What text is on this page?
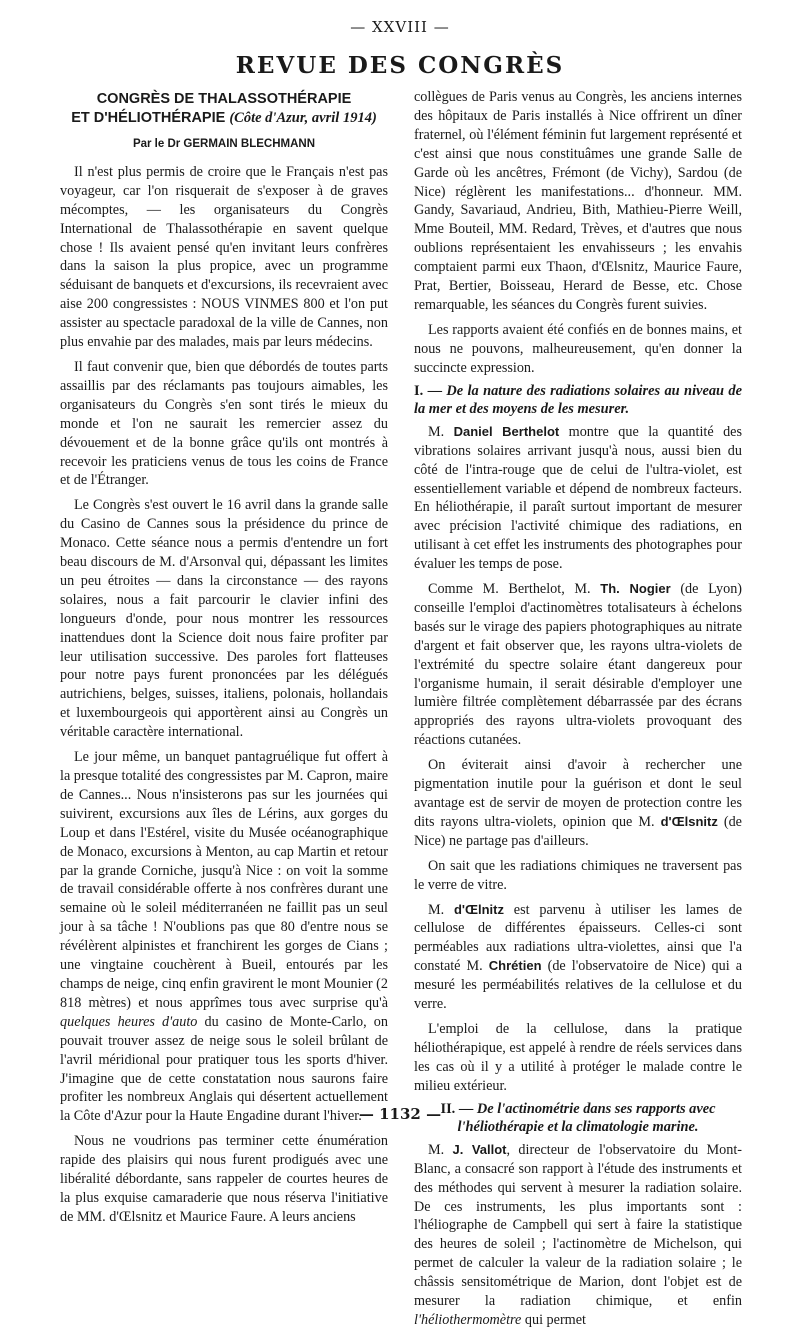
— XXVIII —
REVUE DES CONGRÈS
CONGRÈS DE THALASSOTHÉRAPIE
ET D'HÉLIOTHÉRAPIE (Côte d'Azur, avril 1914)
Par le Dr GERMAIN BLECHMANN

Il n'est plus permis de croire que le Français n'est pas voyageur, car l'on risquerait de s'exposer à de graves mécomptes, — les organisateurs du Congrès International de Thalassothérapie en savent quelque chose ! Ils avaient pensé qu'en invitant leurs confrères dans la saison la plus propice, avec un programme séduisant de banquets et d'excursions, ils recevraient avec aise 200 congressistes : NOUS VINMES 800 et l'on put assister au spectacle paradoxal de la ville de Cannes, non plus envahie par des malades, mais par leurs médecins.

Il faut convenir que, bien que débordés de toutes parts assaillis par des réclamants pas toujours aimables, les organisateurs du Congrès s'en sont tirés le mieux du monde et l'on ne saurait les remercier assez du dévouement et de la bonne grâce qu'ils ont montrés à recevoir les praticiens venus de tous les coins de France et de l'Étranger.

Le Congrès s'est ouvert le 16 avril dans la grande salle du Casino de Cannes sous la présidence du prince de Monaco. Cette séance nous a permis d'entendre un fort beau discours de M. d'Arsonval qui, dépassant les limites un peu étroites — dans la circonstance — des rayons solaires, nous a fait parcourir le clavier infini des longueurs d'onde, pour nous montrer les ressources inattendues dont la Science doit nous faire profiter par leur utilisation successive. Des paroles fort flatteuses pour notre pays furent prononcées par les délégués autrichiens, belges, suisses, italiens, polonais, hollandais et luxembourgeois qui apportèrent ainsi au Congrès un véritable caractère international.

Le jour même, un banquet pantagruélique fut offert à la presque totalité des congressistes par M. Capron, maire de Cannes... Nous n'insisterons pas sur les journées qui suivirent, excursions aux îles de Lérins, aux gorges du Loup et dans l'Estérel, visite du Musée océanographique de Monaco, excursions à Menton, au cap Martin et retour par la grande Corniche, jusqu'à Nice : on voit la somme de travail considérable offerte à nos confrères durant une semaine où le soleil méditerranéen ne faillit pas un seul jour à sa tâche ! N'oublions pas que 80 d'entre nous se révélèrent alpinistes et franchirent les gorges de Cians ; une vingtaine couchèrent à Bueil, entourés par les champs de neige, cinq enfin gravirent le mont Mounier (2 818 mètres) et nous apprîmes tous avec surprise qu'à quelques heures d'auto du casino de Monte-Carlo, on pouvait trouver assez de neige sous le soleil brûlant de l'avril méridional pour pratiquer tous les sports d'hiver. J'imagine que de cette constatation nous saurons faire profiter les nombreux Anglais qui désertent actuellement la Côte d'Azur pour la Haute Engadine durant l'hiver.

Nous ne voudrions pas terminer cette énumération rapide des plaisirs qui nous furent prodigués avec une libéralité débordante, sans rappeler de courtes heures de la plus exquise camaraderie que nous réserva l'initiative de MM. d'Œlsnitz et Maurice Faure. A leurs anciens

collègues de Paris venus au Congrès, les anciens internes des hôpitaux de Paris installés à Nice offrirent un dîner fraternel, où l'élément féminin fut largement représenté et c'est ainsi que nous constituâmes une grande Salle de Garde où les ancêtres, Frémont (de Vichy), Sardou (de Nice) réglèrent les manifestations... d'honneur. MM. Gandy, Savariaud, Andrieu, Bith, Mathieu-Pierre Weill, Mme Bouteil, MM. Redard, Trèves, et d'autres que nous oublions représentaient les envahisseurs ; les envahis comptaient parmi eux Thaon, d'Œlsnitz, Maurice Faure, Prat, Bertier, Boisseau, Herard de Besse, etc. Chose remarquable, les séances du Congrès furent suivies.

Les rapports avaient été confiés en de bonnes mains, et nous ne pouvons, malheureusement, qu'en donner la succincte expression.

I. — De la nature des radiations solaires au niveau de la mer et des moyens de les mesurer.

M. Daniel Berthelot montre que la quantité des vibrations solaires arrivant jusqu'à nous, aussi bien du côté de l'intra-rouge que de celui de l'ultra-violet, est essentiellement variable et dépend de nombreux facteurs. En héliothérapie, il paraît surtout important de mesurer avec précision l'activité chimique des radiations, en utilisant à cet effet les instruments des photographes pour évaluer les temps de pose.

Comme M. Berthelot, M. Th. Nogier (de Lyon) conseille l'emploi d'actinomètres totalisateurs à échelons basés sur le virage des papiers photographiques au nitrate d'argent et fait observer que, les rayons ultra-violets de l'extrémité du spectre solaire étant dangereux pour l'organisme humain, il serait désirable d'employer une lumière filtrée complètement débarrassée par des écrans appropriés des rayons ultra-violets provoquant des réactions cutanées.

On éviterait ainsi d'avoir à rechercher une pigmentation inutile pour la guérison et dont le seul avantage est de servir de moyen de protection contre les dits rayons ultra-violets, opinion que M. d'Œlsnitz (de Nice) ne partage pas d'ailleurs.

On sait que les radiations chimiques ne traversent pas le verre de vitre.

M. d'Œlnitz est parvenu à utiliser les lames de cellulose de différentes épaisseurs. Celles-ci sont perméables aux radiations ultra-violettes, ainsi que l'a constaté M. Chrétien (de l'observatoire de Nice) qui a mesuré les perméabilités relatives de la cellulose et du verre.

L'emploi de la cellulose, dans la pratique héliothérapique, est appelé à rendre de réels services dans les cas où il y a utilité à protéger le malade contre le milieu extérieur.

II. — De l'actinométrie dans ses rapports avec l'héliothérapie et la climatologie marine.

M. J. Vallot, directeur de l'observatoire du Mont-Blanc, a consacré son rapport à l'étude des instruments et des méthodes qui servent à mesurer la radiation solaire. De ces instruments, les plus importants sont : l'héliographe de Campbell qui sert à faire la statistique des heures de soleil ; l'actinomètre de Michelson, qui permet de calculer la valeur de la radiation solaire ; le châssis sensitométrique de Marion, dont l'objet est de mesurer la radiation chimique, et enfin l'héliothermomètre qui permet

— 1132 —
